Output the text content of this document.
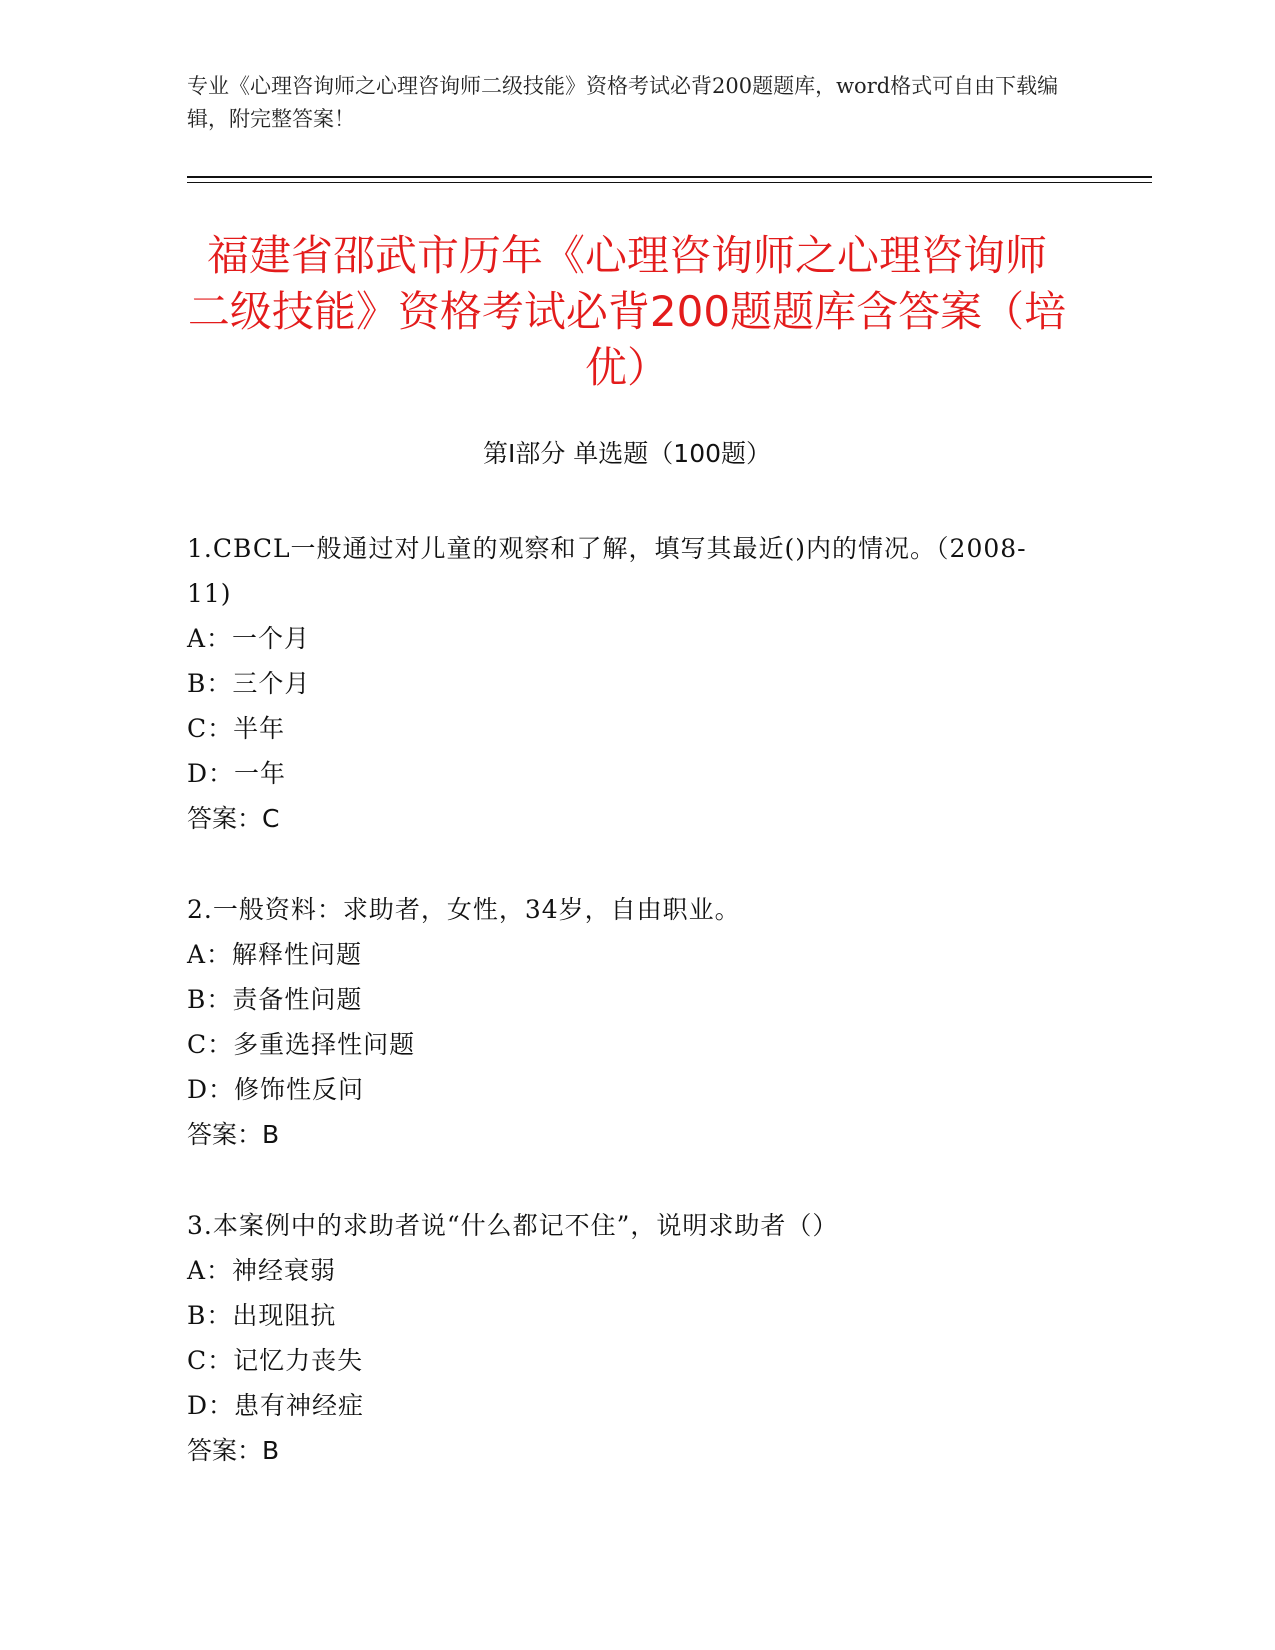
专业《心理咨询师之心理咨询师二级技能》资格考试必背200题题库，word格式可自由下载编辑，附完整答案！
福建省邵武市历年《心理咨询师之心理咨询师二级技能》资格考试必背200题题库含答案（培优）
第Ⅰ部分 单选题（100题）

1.CBCL一般通过对儿童的观察和了解，填写其最近()内的情况。（2008-11)

A：一个月

B：三个月

C：半年

D：一年

答案：C

2.一般资料：求助者，女性，34岁，自由职业。

A：解释性问题

B：责备性问题

C：多重选择性问题

D：修饰性反问

答案：B

3.本案例中的求助者说“什么都记不住”，说明求助者（）

A：神经衰弱

B：出现阻抗

C：记忆力丧失

D：患有神经症

答案：B
